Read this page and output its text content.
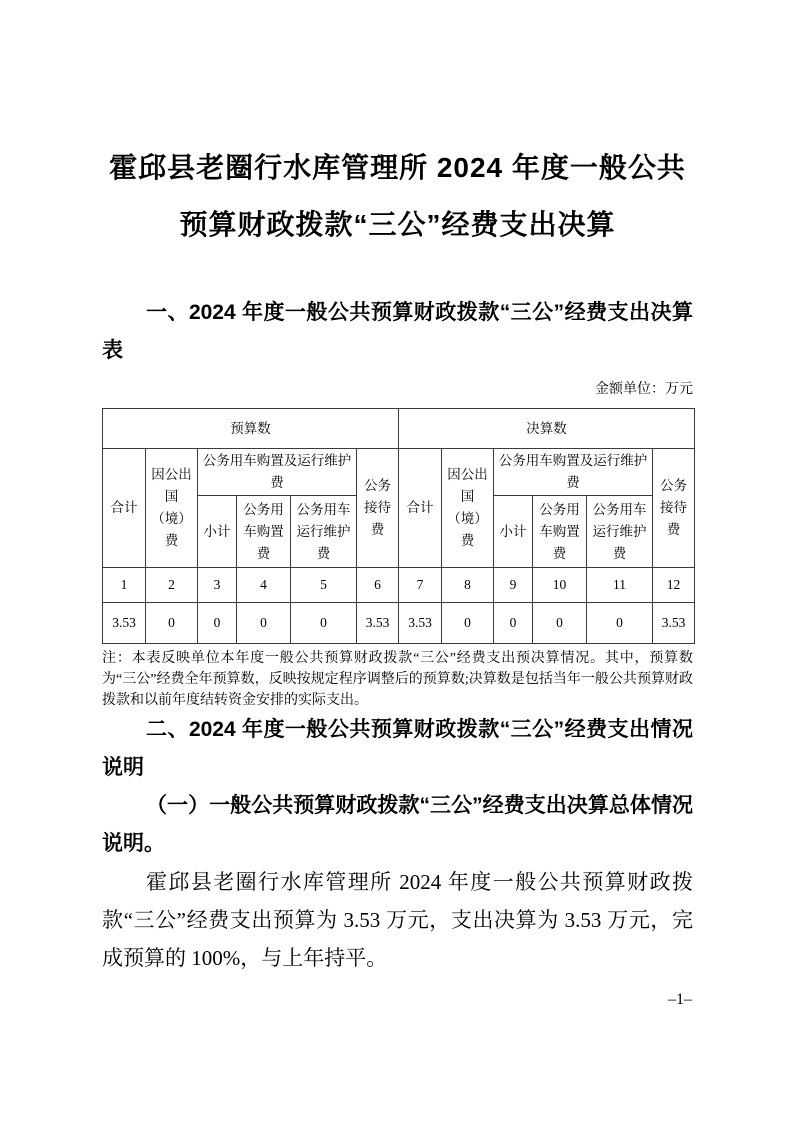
霍邱县老圈行水库管理所 2024 年度一般公共预算财政拨款“三公”经费支出决算

一、2024 年度一般公共预算财政拨款“三公”经费支出决算表

金额单位：万元
预算数						决算数					
合计	因公出国（境）费	公务用车购置及运行维护费			公务接待费	合计	因公出国（境）费	公务用车购置及运行维护费			公务接待费
		小计	公务用车购置费	公务用车运行维护费				小计	公务用车购置费	公务用车运行维护费	
1	2	3	4	5	6	7	8	9	10	11	12
3.53	0	0	0	0	3.53	3.53	0	0	0	0	3.53
注：本表反映单位本年度一般公共预算财政拨款“三公”经费支出预决算情况。其中，预算数为“三公”经费全年预算数，反映按规定程序调整后的预算数;决算数是包括当年一般公共预算财政拨款和以前年度结转资金安排的实际支出。

二、2024 年度一般公共预算财政拨款“三公”经费支出情况说明

（一）一般公共预算财政拨款“三公”经费支出决算总体情况说明。

霍邱县老圈行水库管理所 2024 年度一般公共预算财政拨款“三公”经费支出预算为 3.53 万元，支出决算为 3.53 万元，完成预算的 100%，与上年持平。

–1–
